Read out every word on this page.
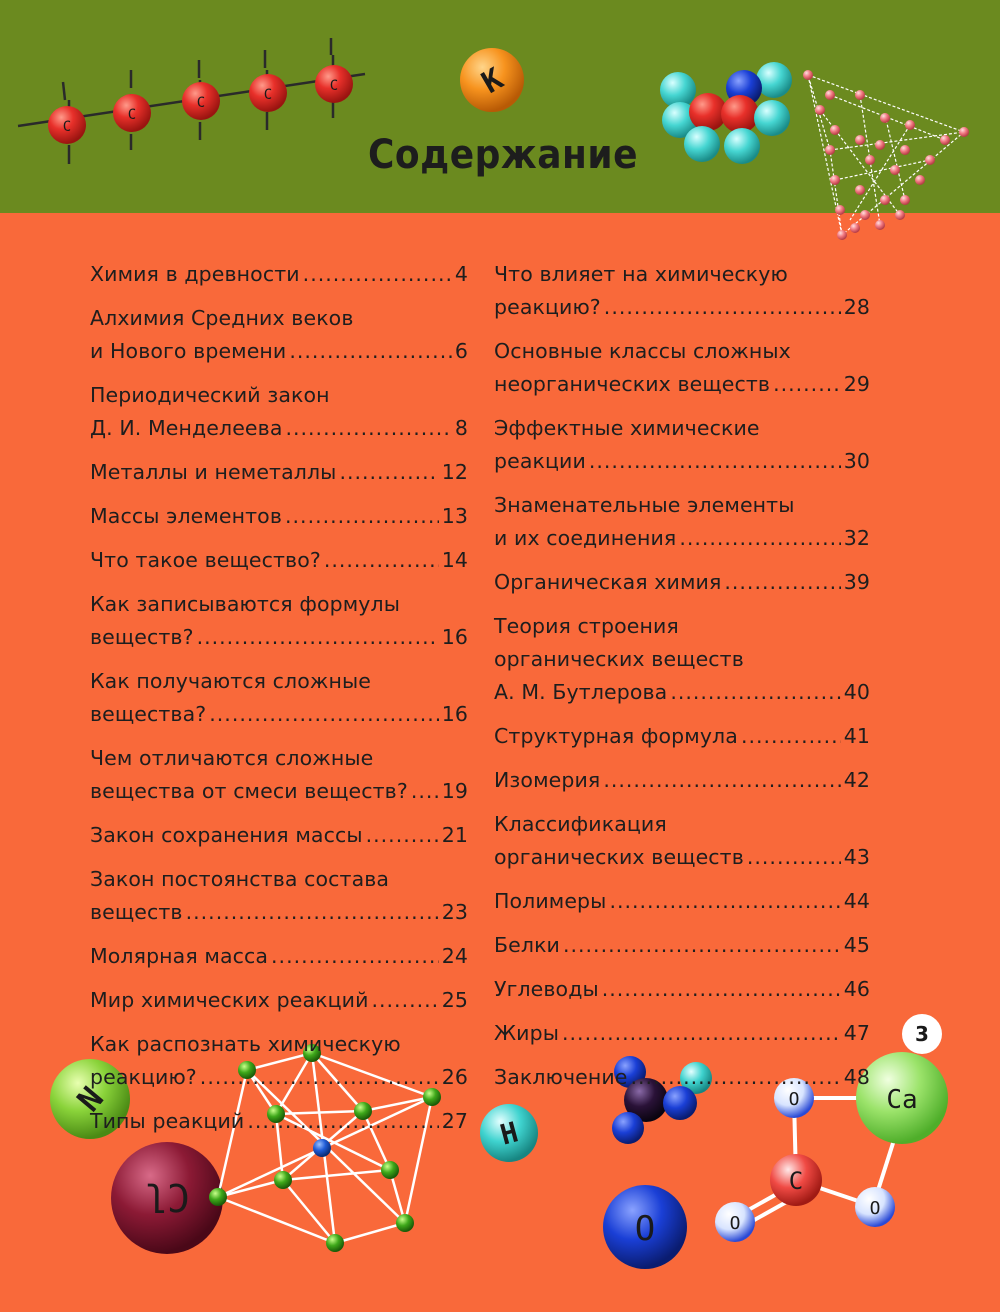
C
C
C	C
C	K
N
Cl
H
O
Ca
C
O
O
O
Содержание
Химия в древности .....	4
Алхимия Средних веков
и Нового времени .....	6
Периодический закон
Д. И. Менделеева .....	8
Металлы и неметаллы .....	12
Массы элементов .....	13
Что такое вещество? .....	14
Как записываются формулы
веществ? .....	16
Как получаются сложные
вещества? .....	16
Чем отличаются сложные
вещества от смеси веществ? ..... 19
Закон сохранения массы .....	21
Закон постоянства состава
веществ .....	23
Молярная масса .....	24
Мир химических реакций .....	25
Как распознать химическую
реакцию? .....	26
Типы реакций .....	27
Что влияет на химическую
реакцию? .....	28
Основные классы сложных
неорганических веществ .....	29
Эффектные химические
реакции .....	30
Знаменательные элементы
и их соединения .....	32
Органическая химия .....	39
Теория строения
органических веществ
А. М. Бутлерова .....	40
Структурная формула .....	41
Изомерия .....	42
Классификация
органических веществ .....	43
Полимеры .....	44
Белки .....	45
Углеводы .....	46
Жиры .....	47
Заключение .....	48
3
